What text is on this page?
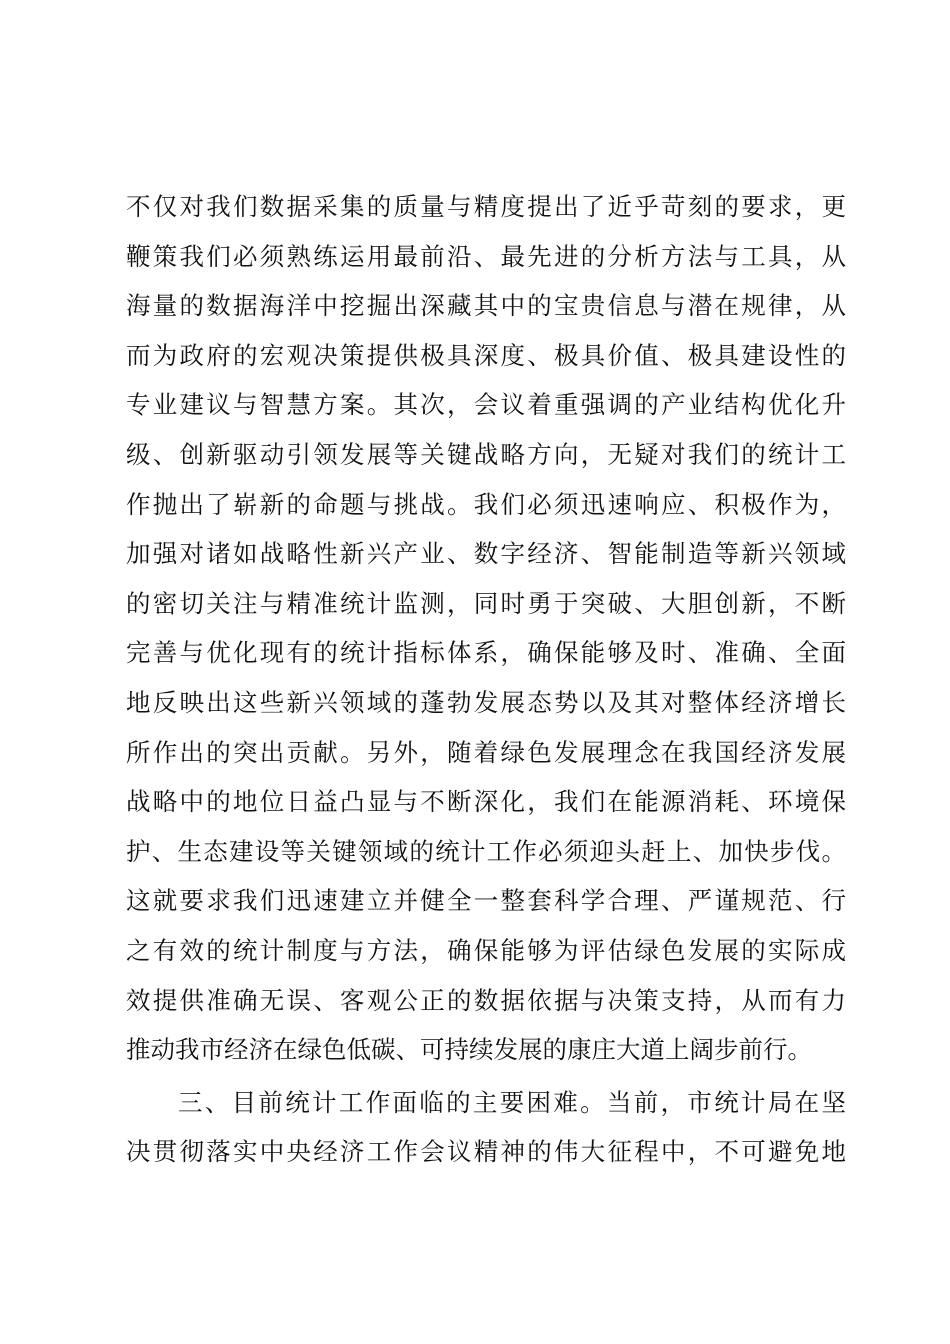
不仅对我们数据采集的质量与精度提出了近乎苛刻的要求，更
鞭策我们必须熟练运用最前沿、最先进的分析方法与工具，从
海量的数据海洋中挖掘出深藏其中的宝贵信息与潜在规律，从
而为政府的宏观决策提供极具深度、极具价值、极具建设性的
专业建议与智慧方案。其次，会议着重强调的产业结构优化升
级、创新驱动引领发展等关键战略方向，无疑对我们的统计工
作抛出了崭新的命题与挑战。我们必须迅速响应、积极作为，
加强对诸如战略性新兴产业、数字经济、智能制造等新兴领域
的密切关注与精准统计监测，同时勇于突破、大胆创新，不断
完善与优化现有的统计指标体系，确保能够及时、准确、全面
地反映出这些新兴领域的蓬勃发展态势以及其对整体经济增长
所作出的突出贡献。另外，随着绿色发展理念在我国经济发展
战略中的地位日益凸显与不断深化，我们在能源消耗、环境保
护、生态建设等关键领域的统计工作必须迎头赶上、加快步伐。
这就要求我们迅速建立并健全一整套科学合理、严谨规范、行
之有效的统计制度与方法，确保能够为评估绿色发展的实际成
效提供准确无误、客观公正的数据依据与决策支持，从而有力
推动我市经济在绿色低碳、可持续发展的康庄大道上阔步前行。
三、目前统计工作面临的主要困难。当前，市统计局在坚
决贯彻落实中央经济工作会议精神的伟大征程中，不可避免地
